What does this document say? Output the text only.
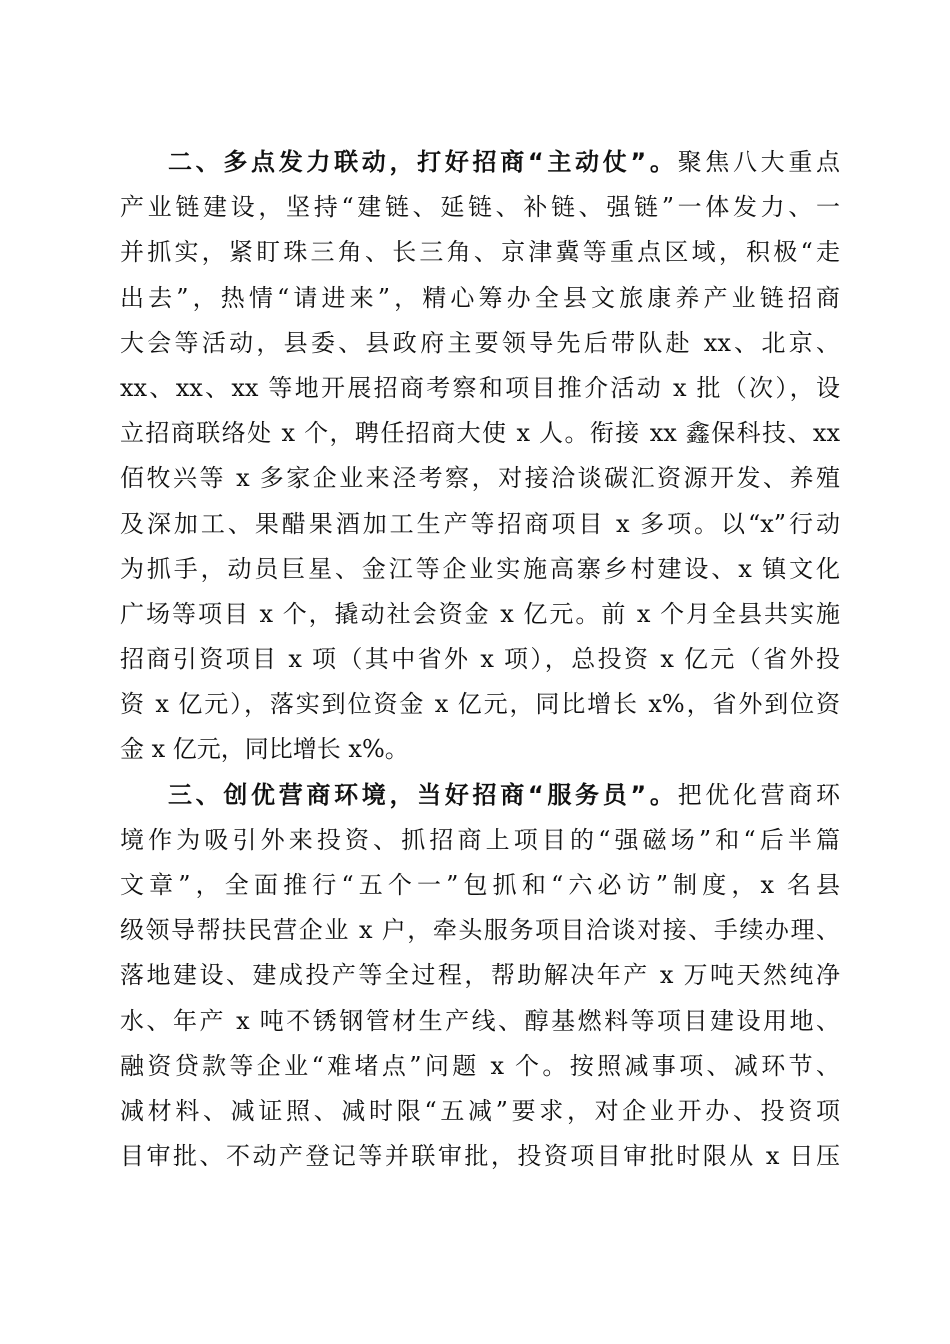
二、多点发力联动，打好招商“主动仗”。聚焦八大重点
产业链建设，坚持“建链、延链、补链、强链”一体发力、一
并抓实，紧盯珠三角、长三角、京津冀等重点区域，积极“走
出去”，热情“请进来”，精心筹办全县文旅康养产业链招商
大会等活动，县委、县政府主要领导先后带队赴 xx、北京、
xx、xx、xx 等地开展招商考察和项目推介活动 x 批（次），设
立招商联络处 x 个，聘任招商大使 x 人。衔接 xx 鑫保科技、xx
佰牧兴等 x 多家企业来泾考察，对接洽谈碳汇资源开发、养殖
及深加工、果醋果酒加工生产等招商项目 x 多项。以“x”行动
为抓手，动员巨星、金江等企业实施高寨乡村建设、x 镇文化
广场等项目 x 个，撬动社会资金 x 亿元。前 x 个月全县共实施
招商引资项目 x 项（其中省外 x 项），总投资 x 亿元（省外投
资 x 亿元），落实到位资金 x 亿元，同比增长 x%，省外到位资
金 x 亿元，同比增长 x%。
三、创优营商环境，当好招商“服务员”。把优化营商环
境作为吸引外来投资、抓招商上项目的“强磁场”和“后半篇
文章”，全面推行“五个一”包抓和“六必访”制度，x 名县
级领导帮扶民营企业 x 户，牵头服务项目洽谈对接、手续办理、
落地建设、建成投产等全过程，帮助解决年产 x 万吨天然纯净
水、年产 x 吨不锈钢管材生产线、醇基燃料等项目建设用地、
融资贷款等企业“难堵点”问题 x 个。按照减事项、减环节、
减材料、减证照、减时限“五减”要求，对企业开办、投资项
目审批、不动产登记等并联审批，投资项目审批时限从 x 日压
